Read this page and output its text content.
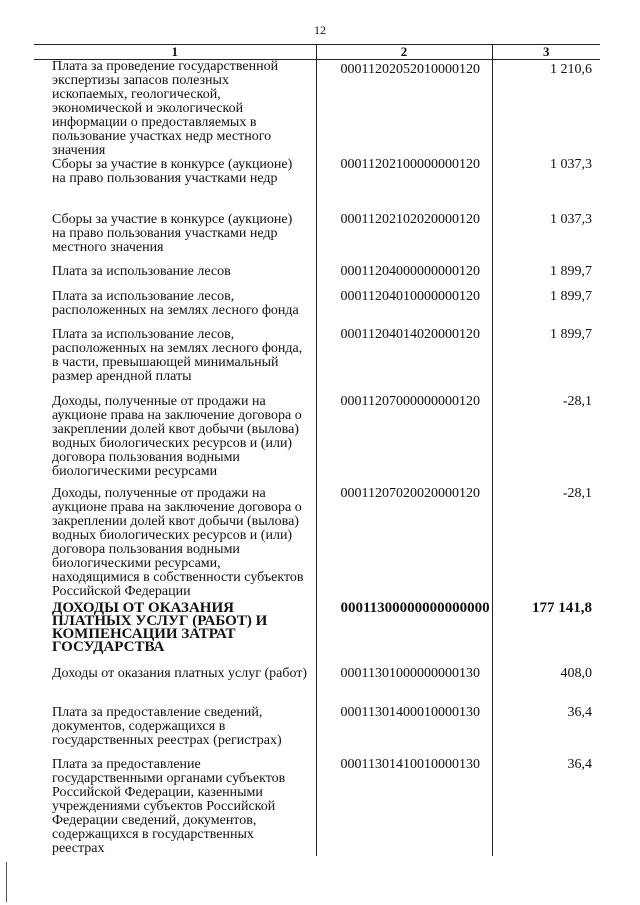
12
1	2	3
Плата за проведение государственной экспертизы запасов полезных ископаемых, геологической, экономической и экологической информации о предоставляемых в пользование участках недр местного значения	00011202052010000120	1 210,6
Сборы за участие в конкурсе (аукционе) на право пользования участками недр	00011202100000000120	1 037,3
Сборы за участие в конкурсе (аукционе) на право пользования участками недр местного значения	00011202102020000120	1 037,3
Плата за использование лесов	00011204000000000120	1 899,7
Плата за использование лесов, расположенных на землях лесного фонда	00011204010000000120	1 899,7
Плата за использование лесов, расположенных на землях лесного фонда, в части, превышающей минимальный размер арендной платы	00011204014020000120	1 899,7
Доходы, полученные от продажи на аукционе права на заключение договора о закреплении долей квот добычи (вылова) водных биологических ресурсов и (или) договора пользования водными биологическими ресурсами	00011207000000000120	-28,1
Доходы, полученные от продажи на аукционе права на заключение договора о закреплении долей квот добычи (вылова) водных биологических ресурсов и (или) договора пользования водными биологическими ресурсами, находящимися в собственности субъектов Российской Федерации	00011207020020000120	-28,1
ДОХОДЫ ОТ ОКАЗАНИЯ ПЛАТНЫХ УСЛУГ (РАБОТ) И КОМПЕНСАЦИИ ЗАТРАТ ГОСУДАРСТВА	00011300000000000000	177 141,8
Доходы от оказания платных услуг (работ)	00011301000000000130	408,0
Плата за предоставление сведений, документов, содержащихся в государственных реестрах (регистрах)	00011301400010000130	36,4
Плата за предоставление государственными органами субъектов Российской Федерации, казенными учреждениями субъектов Российской Федерации сведений, документов, содержащихся в государственных реестрах	00011301410010000130	36,4
